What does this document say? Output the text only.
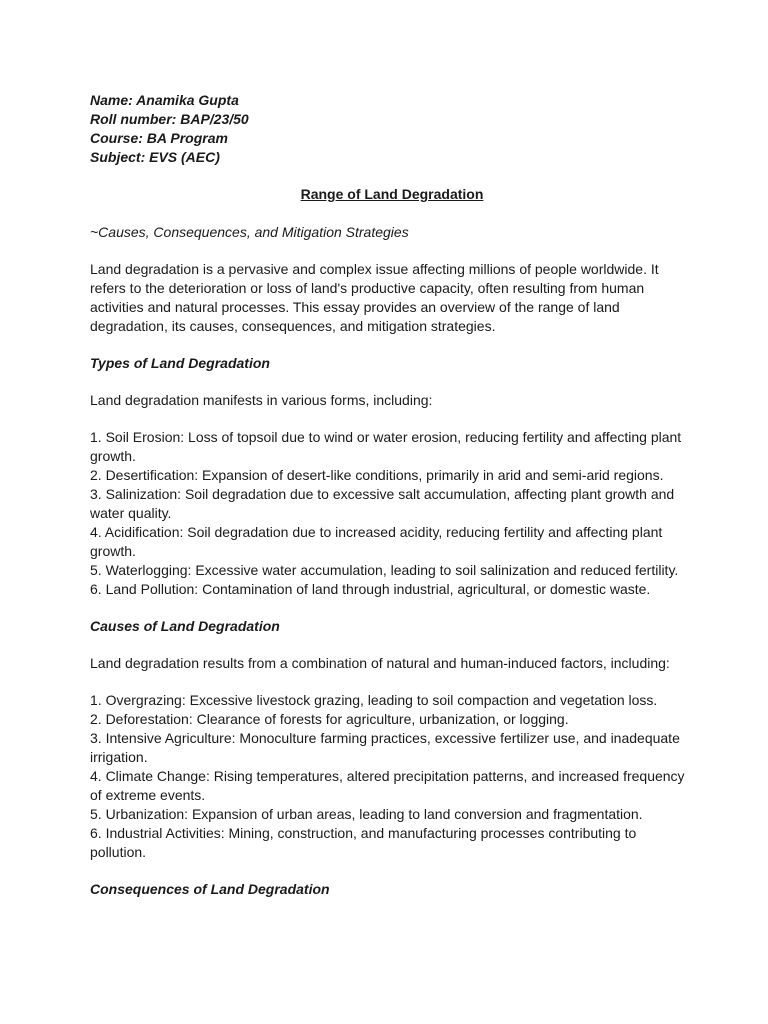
Name: Anamika Gupta
Roll number: BAP/23/50
Course: BA Program
Subject: EVS (AEC)
Range of Land Degradation
~Causes, Consequences, and Mitigation Strategies
Land degradation is a pervasive and complex issue affecting millions of people worldwide. It refers to the deterioration or loss of land's productive capacity, often resulting from human activities and natural processes. This essay provides an overview of the range of land degradation, its causes, consequences, and mitigation strategies.
Types of Land Degradation
Land degradation manifests in various forms, including:
1. Soil Erosion: Loss of topsoil due to wind or water erosion, reducing fertility and affecting plant growth.
2. Desertification: Expansion of desert-like conditions, primarily in arid and semi-arid regions.
3. Salinization: Soil degradation due to excessive salt accumulation, affecting plant growth and water quality.
4. Acidification: Soil degradation due to increased acidity, reducing fertility and affecting plant growth.
5. Waterlogging: Excessive water accumulation, leading to soil salinization and reduced fertility.
6. Land Pollution: Contamination of land through industrial, agricultural, or domestic waste.
Causes of Land Degradation
Land degradation results from a combination of natural and human-induced factors, including:
1. Overgrazing: Excessive livestock grazing, leading to soil compaction and vegetation loss.
2. Deforestation: Clearance of forests for agriculture, urbanization, or logging.
3. Intensive Agriculture: Monoculture farming practices, excessive fertilizer use, and inadequate irrigation.
4. Climate Change: Rising temperatures, altered precipitation patterns, and increased frequency of extreme events.
5. Urbanization: Expansion of urban areas, leading to land conversion and fragmentation.
6. Industrial Activities: Mining, construction, and manufacturing processes contributing to pollution.
Consequences of Land Degradation
